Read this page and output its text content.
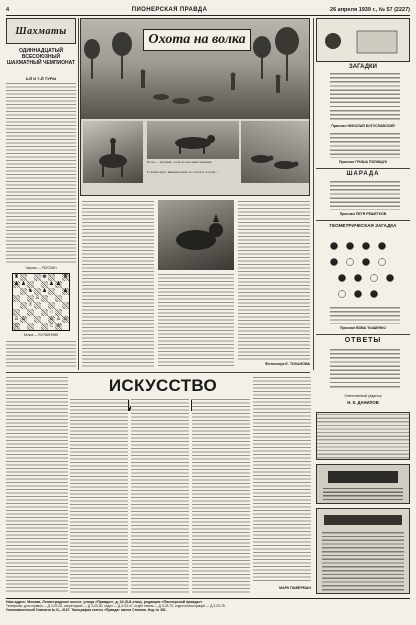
4	ПИОНЕРСКАЯ ПРАВДА	26 апреля 1939 г., № 57 (2227)
Шахматы
ОДИННАДЦАТЫЙ ВСЕСОЮЗНЫЙ ШАХМАТНЫЙ ЧЕМПИОНАТ
6-Й И 7-Й ТУРЫ
Черные — РАГОЗИН
♜	♚	♜
♟ ♟	♟ ♟
♞ ♟	♟
♙
♗
♘
♙ ♙	♙ ♙ ♙
♖	♖ ♔
Белые — БОТВИННИК
Охота на волка
Волк — хитрый, злой и опасный хищник.
Гончие идут внимательно по пути к логову...
Фотоочерк Е. ТИХАНОВА
ЗАГАДКИ
Прислал НИКОЛАЙ БОГУСЛАВСКИЙ
Прислал ГРИША ПОЛИЩУК
ШАРАДА
Прислал ПЕТЯ РЕШЕТКОВ
ГЕОМЕТРИЧЕСКАЯ ЗАГАДКА
Прислал ВОВА ТЫШЕНКО
ОТВЕТЫ
Ответственный редактор
Н. К. ДАНИЛОВ
ИСКУССТВО
МАРК ПАВЕРМАН
Наш адрес: Москва, Ленинградское шоссе, улица «Правды», д. 24 (5-й этаж), редакция «Пионерской правды».
Телефоны: для справок — Д 3-03-20, секретариат — Д 3-03-30, отдел — Д 3-03-47, отдел писем — Д 3-03-70, отдел иллюстраций — Д 3-03-78.
Уполномоченный Главлита № Б—3107. Типография газеты «Правда» имени Сталина. Изд. № 381.
